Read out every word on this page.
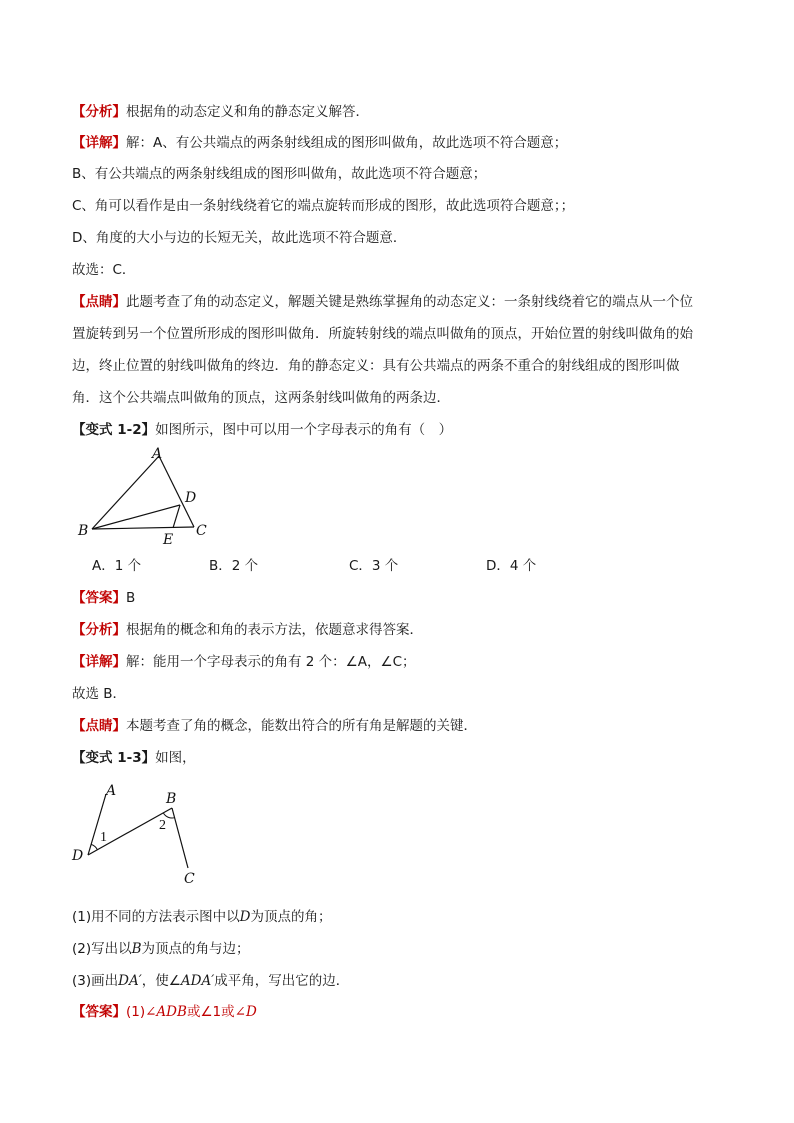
【分析】根据角的动态定义和角的静态定义解答．
【详解】解：A、有公共端点的两条射线组成的图形叫做角，故此选项不符合题意；
B、有公共端点的两条射线组成的图形叫做角，故此选项不符合题意；
C、角可以看作是由一条射线绕着它的端点旋转而形成的图形，故此选项符合题意；；
D、角度的大小与边的长短无关，故此选项不符合题意．
故选：C．
【点睛】此题考查了角的动态定义，解题关键是熟练掌握角的动态定义：一条射线绕着它的端点从一个位
置旋转到另一个位置所形成的图形叫做角．所旋转射线的端点叫做角的顶点，开始位置的射线叫做角的始
边，终止位置的射线叫做角的终边．角的静态定义：具有公共端点的两条不重合的射线组成的图形叫做
角．这个公共端点叫做角的顶点，这两条射线叫做角的两条边．
【变式 1-2】如图所示，图中可以用一个字母表示的角有（　）
A
B	C
D
E
A．1 个	B．2 个	C．3 个	D．4 个
【答案】B
【分析】根据角的概念和角的表示方法，依题意求得答案．
【详解】解：能用一个字母表示的角有 2 个：∠A，∠C；
故选 B．
【点睛】本题考查了角的概念，能数出符合的所有角是解题的关键．
【变式 1-3】如图，
A	B
C
D
1
2
(1)用不同的方法表示图中以D为顶点的角；
(2)写出以B为顶点的角与边；
(3)画出DA′，使∠ADA′成平角，写出它的边．
【答案】(1)∠ADB或∠1或∠D
